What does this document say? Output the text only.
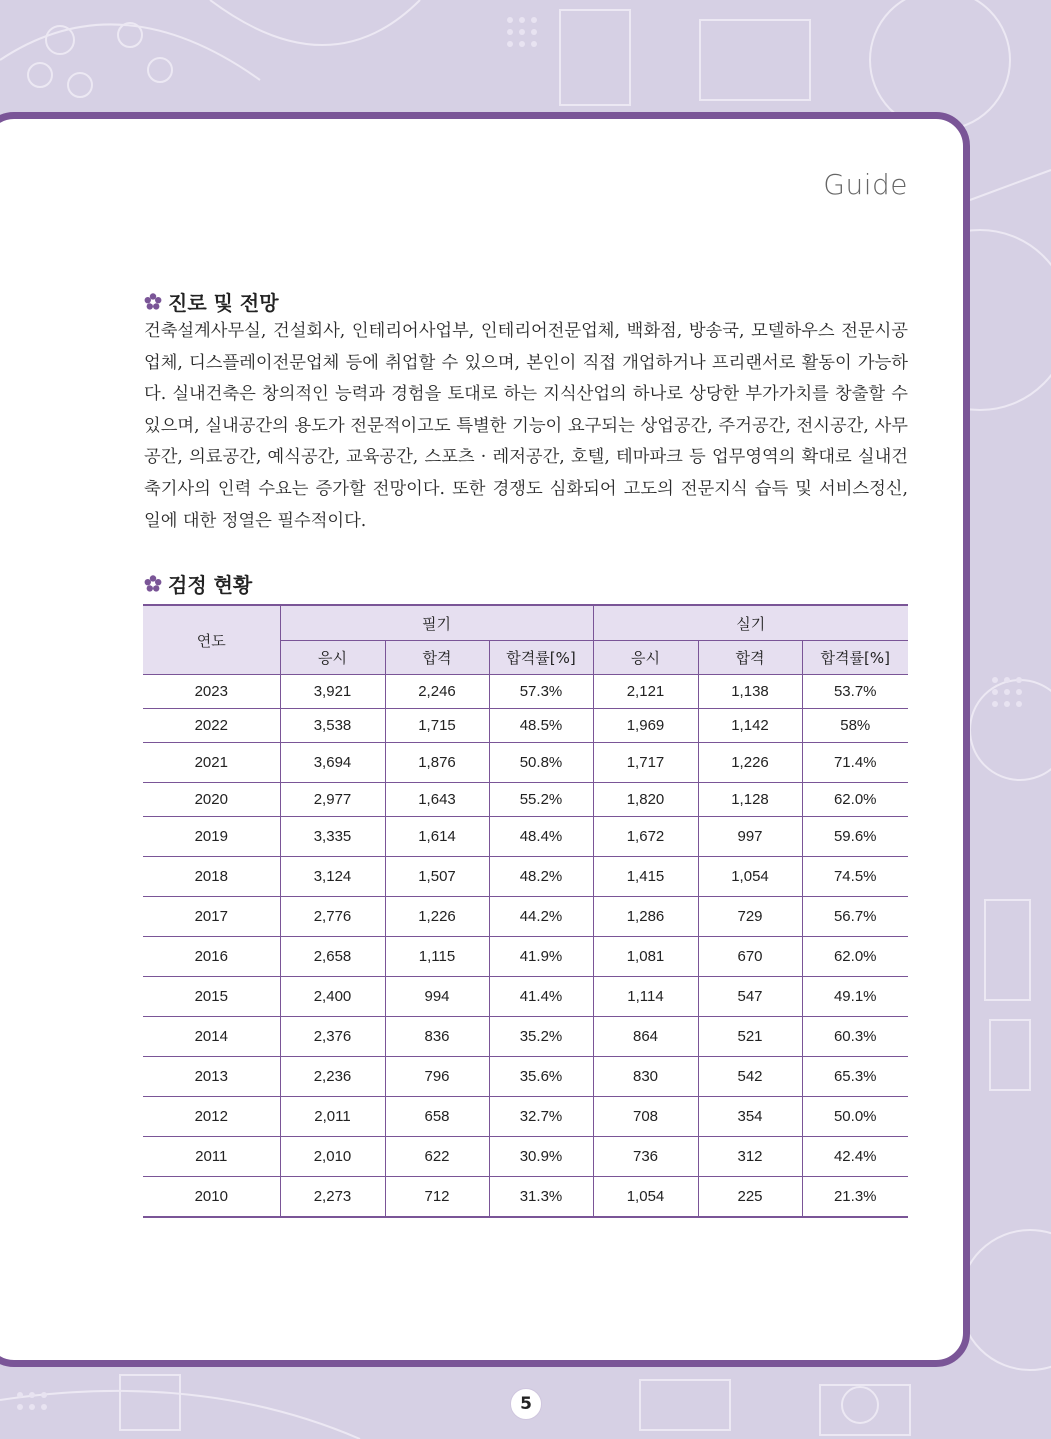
Guide
진로 및 전망

건축설계사무실, 건설회사, 인테리어사업부, 인테리어전문업체, 백화점, 방송국, 모델하우스 전문시공업체, 디스플레이전문업체 등에 취업할 수 있으며, 본인이 직접 개업하거나 프리랜서로 활동이 가능하다. 실내건축은 창의적인 능력과 경험을 토대로 하는 지식산업의 하나로 상당한 부가가치를 창출할 수 있으며, 실내공간의 용도가 전문적이고도 특별한 기능이 요구되는 상업공간, 주거공간, 전시공간, 사무공간, 의료공간, 예식공간, 교육공간, 스포츠 · 레저공간, 호텔, 테마파크 등 업무영역의 확대로 실내건축기사의 인력 수요는 증가할 전망이다. 또한 경쟁도 심화되어 고도의 전문지식 습득 및 서비스정신, 일에 대한 정열은 필수적이다.

검정 현황
연도	필기			실기		
	응시	합격	합격률[%]	응시	합격	합격률[%]
2023	3,921	2,246	57.3%	2,121	1,138	53.7%
2022	3,538	1,715	48.5%	1,969	1,142	58%
2021	3,694	1,876	50.8%	1,717	1,226	71.4%
2020	2,977	1,643	55.2%	1,820	1,128	62.0%
2019	3,335	1,614	48.4%	1,672	997	59.6%
2018	3,124	1,507	48.2%	1,415	1,054	74.5%
2017	2,776	1,226	44.2%	1,286	729	56.7%
2016	2,658	1,115	41.9%	1,081	670	62.0%
2015	2,400	994	41.4%	1,114	547	49.1%
2014	2,376	836	35.2%	864	521	60.3%
2013	2,236	796	35.6%	830	542	65.3%
2012	2,011	658	32.7%	708	354	50.0%
2011	2,010	622	30.9%	736	312	42.4%
2010	2,273	712	31.3%	1,054	225	21.3%
5
